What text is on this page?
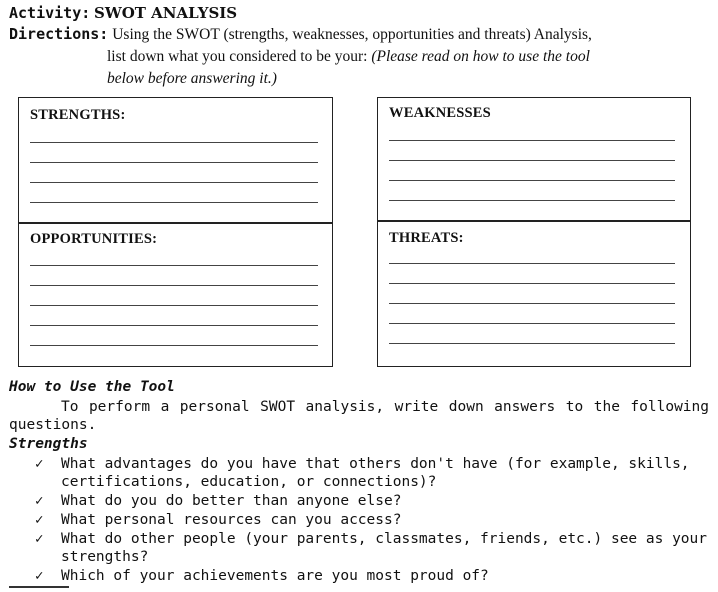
Activity: SWOT ANALYSIS
Directions: Using the SWOT (strengths, weaknesses, opportunities and threats) Analysis,
list down what you considered to be your: (Please read on how to use the tool
below before answering it.)
STRENGTHS:
OPPORTUNITIES:
WEAKNESSES
THREATS:
How to Use the Tool
To perform a personal SWOT analysis, write down answers to the following
questions.
Strengths
✓ What advantages do you have that others don't have (for example, skills,
certifications, education, or connections)?
✓ What do you do better than anyone else?
✓ What personal resources can you access?
✓ What do other people (your parents, classmates, friends, etc.) see as your
strengths?
✓ Which of your achievements are you most proud of?
